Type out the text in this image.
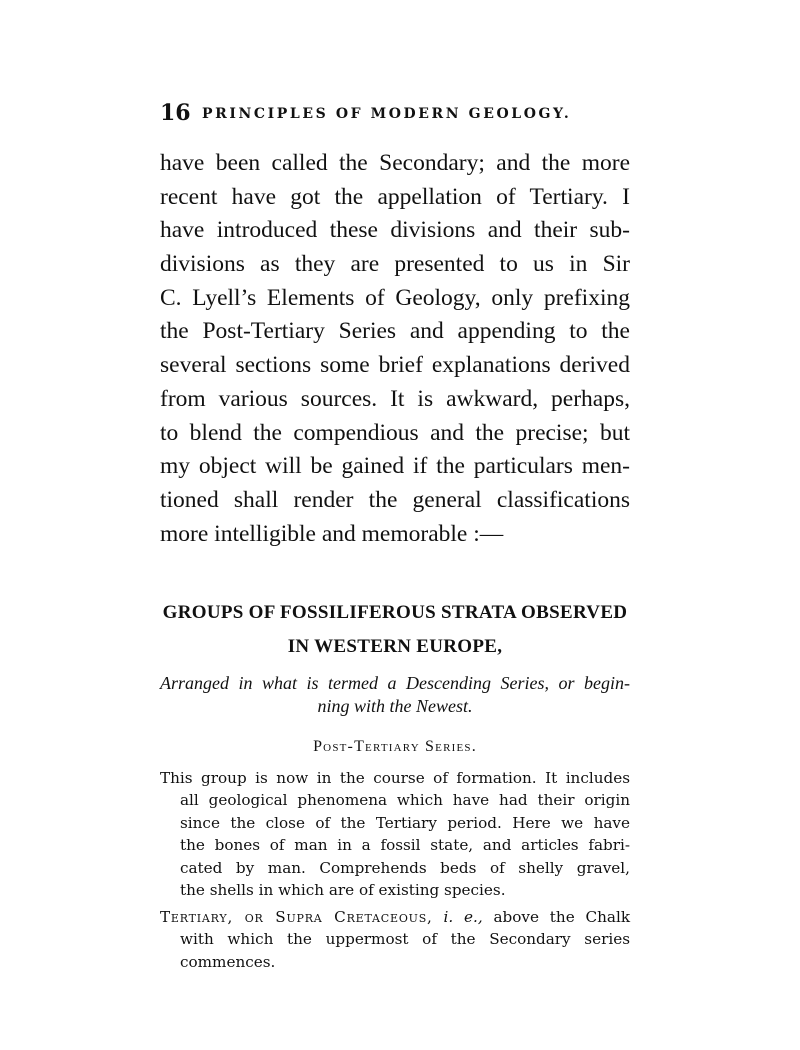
16 PRINCIPLES OF MODERN GEOLOGY.
have been called the Secondary; and the more
recent have got the appellation of Tertiary. I
have introduced these divisions and their sub-
divisions as they are presented to us in Sir
C. Lyell’s Elements of Geology, only prefixing
the Post-Tertiary Series and appending to the
several sections some brief explanations derived
from various sources. It is awkward, perhaps,
to blend the compendious and the precise; but
my object will be gained if the particulars men-
tioned shall render the general classifications
more intelligible and memorable :—
GROUPS OF FOSSILIFEROUS STRATA OBSERVED
IN WESTERN EUROPE,
Arranged in what is termed a Descending Series, or begin-
ning with the Newest.
Post-Tertiary Series.
This group is now in the course of formation. It includes
all geological phenomena which have had their origin
since the close of the Tertiary period. Here we have
the bones of man in a fossil state, and articles fabri-
cated by man. Comprehends beds of shelly gravel,
the shells in which are of existing species.
Tertiary, or Supra Cretaceous, i. e., above the Chalk
with which the uppermost of the Secondary series
commences.
